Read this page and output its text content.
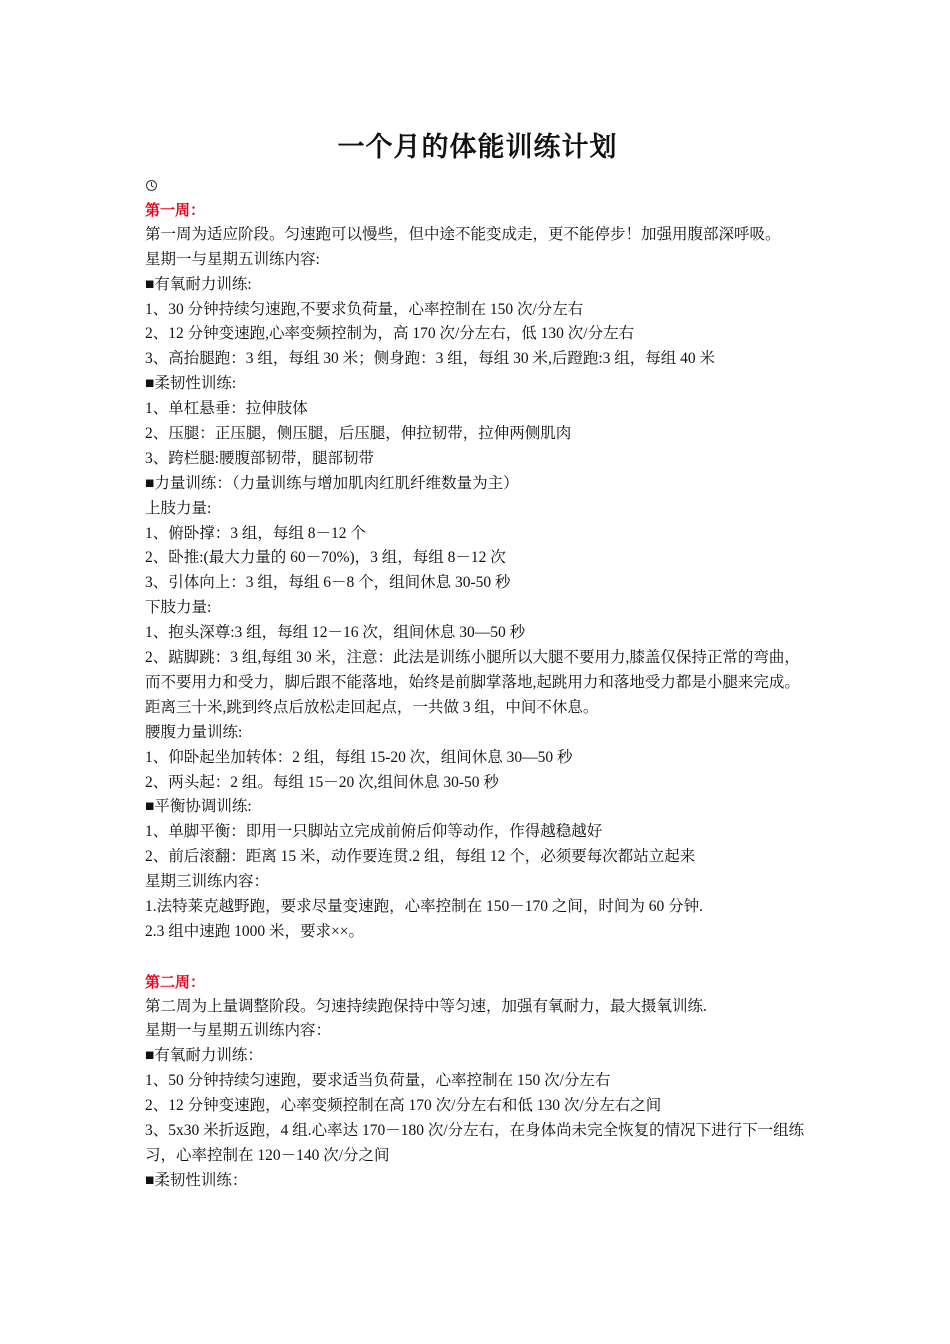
一个月的体能训练计划
第一周：
第一周为适应阶段。匀速跑可以慢些，但中途不能变成走，更不能停步！加强用腹部深呼吸。
星期一与星期五训练内容:
■有氧耐力训练:
1、30 分钟持续匀速跑,不要求负荷量，心率控制在 150 次/分左右
2、12 分钟变速跑,心率变频控制为，高 170 次/分左右，低 130 次/分左右
3、高抬腿跑：3 组，每组 30 米；侧身跑：3 组，每组 30 米,后蹬跑:3 组，每组 40 米
■柔韧性训练:
1、单杠悬垂：拉伸肢体
2、压腿：正压腿，侧压腿，后压腿，伸拉韧带，拉伸两侧肌肉
3、跨栏腿:腰腹部韧带，腿部韧带
■力量训练：（力量训练与增加肌肉红肌纤维数量为主）
上肢力量:
1、俯卧撑：3 组，每组 8－12 个
2、卧推:(最大力量的 60－70%)，3 组，每组 8－12 次
3、引体向上：3 组，每组 6－8 个，组间休息 30-50 秒
下肢力量:
1、抱头深尊:3 组，每组 12－16 次，组间休息 30—50 秒
2、踮脚跳：3 组,每组 30 米，注意：此法是训练小腿所以大腿不要用力,膝盖仅保持正常的弯曲，而不要用力和受力，脚后跟不能落地，始终是前脚掌落地,起跳用力和落地受力都是小腿来完成。距离三十米,跳到终点后放松走回起点，一共做 3 组，中间不休息。
腰腹力量训练:
1、仰卧起坐加转体：2 组，每组 15-20 次，组间休息 30—50 秒
2、两头起：2 组。每组 15－20 次,组间休息 30-50 秒
■平衡协调训练:
1、单脚平衡：即用一只脚站立完成前俯后仰等动作，作得越稳越好
2、前后滚翻：距离 15 米，动作要连贯.2 组，每组 12 个，必须要每次都站立起来
星期三训练内容：
1.法特莱克越野跑，要求尽量变速跑，心率控制在 150－170 之间，时间为 60 分钟.
2.3 组中速跑 1000 米，要求××。
第二周：
第二周为上量调整阶段。匀速持续跑保持中等匀速，加强有氧耐力，最大摄氧训练.
星期一与星期五训练内容：
■有氧耐力训练：
1、50 分钟持续匀速跑，要求适当负荷量，心率控制在 150 次/分左右
2、12 分钟变速跑，心率变频控制在高 170 次/分左右和低 130 次/分左右之间
3、5x30 米折返跑，4 组.心率达 170－180 次/分左右，在身体尚未完全恢复的情况下进行下一组练习，心率控制在 120－140 次/分之间
■柔韧性训练：
